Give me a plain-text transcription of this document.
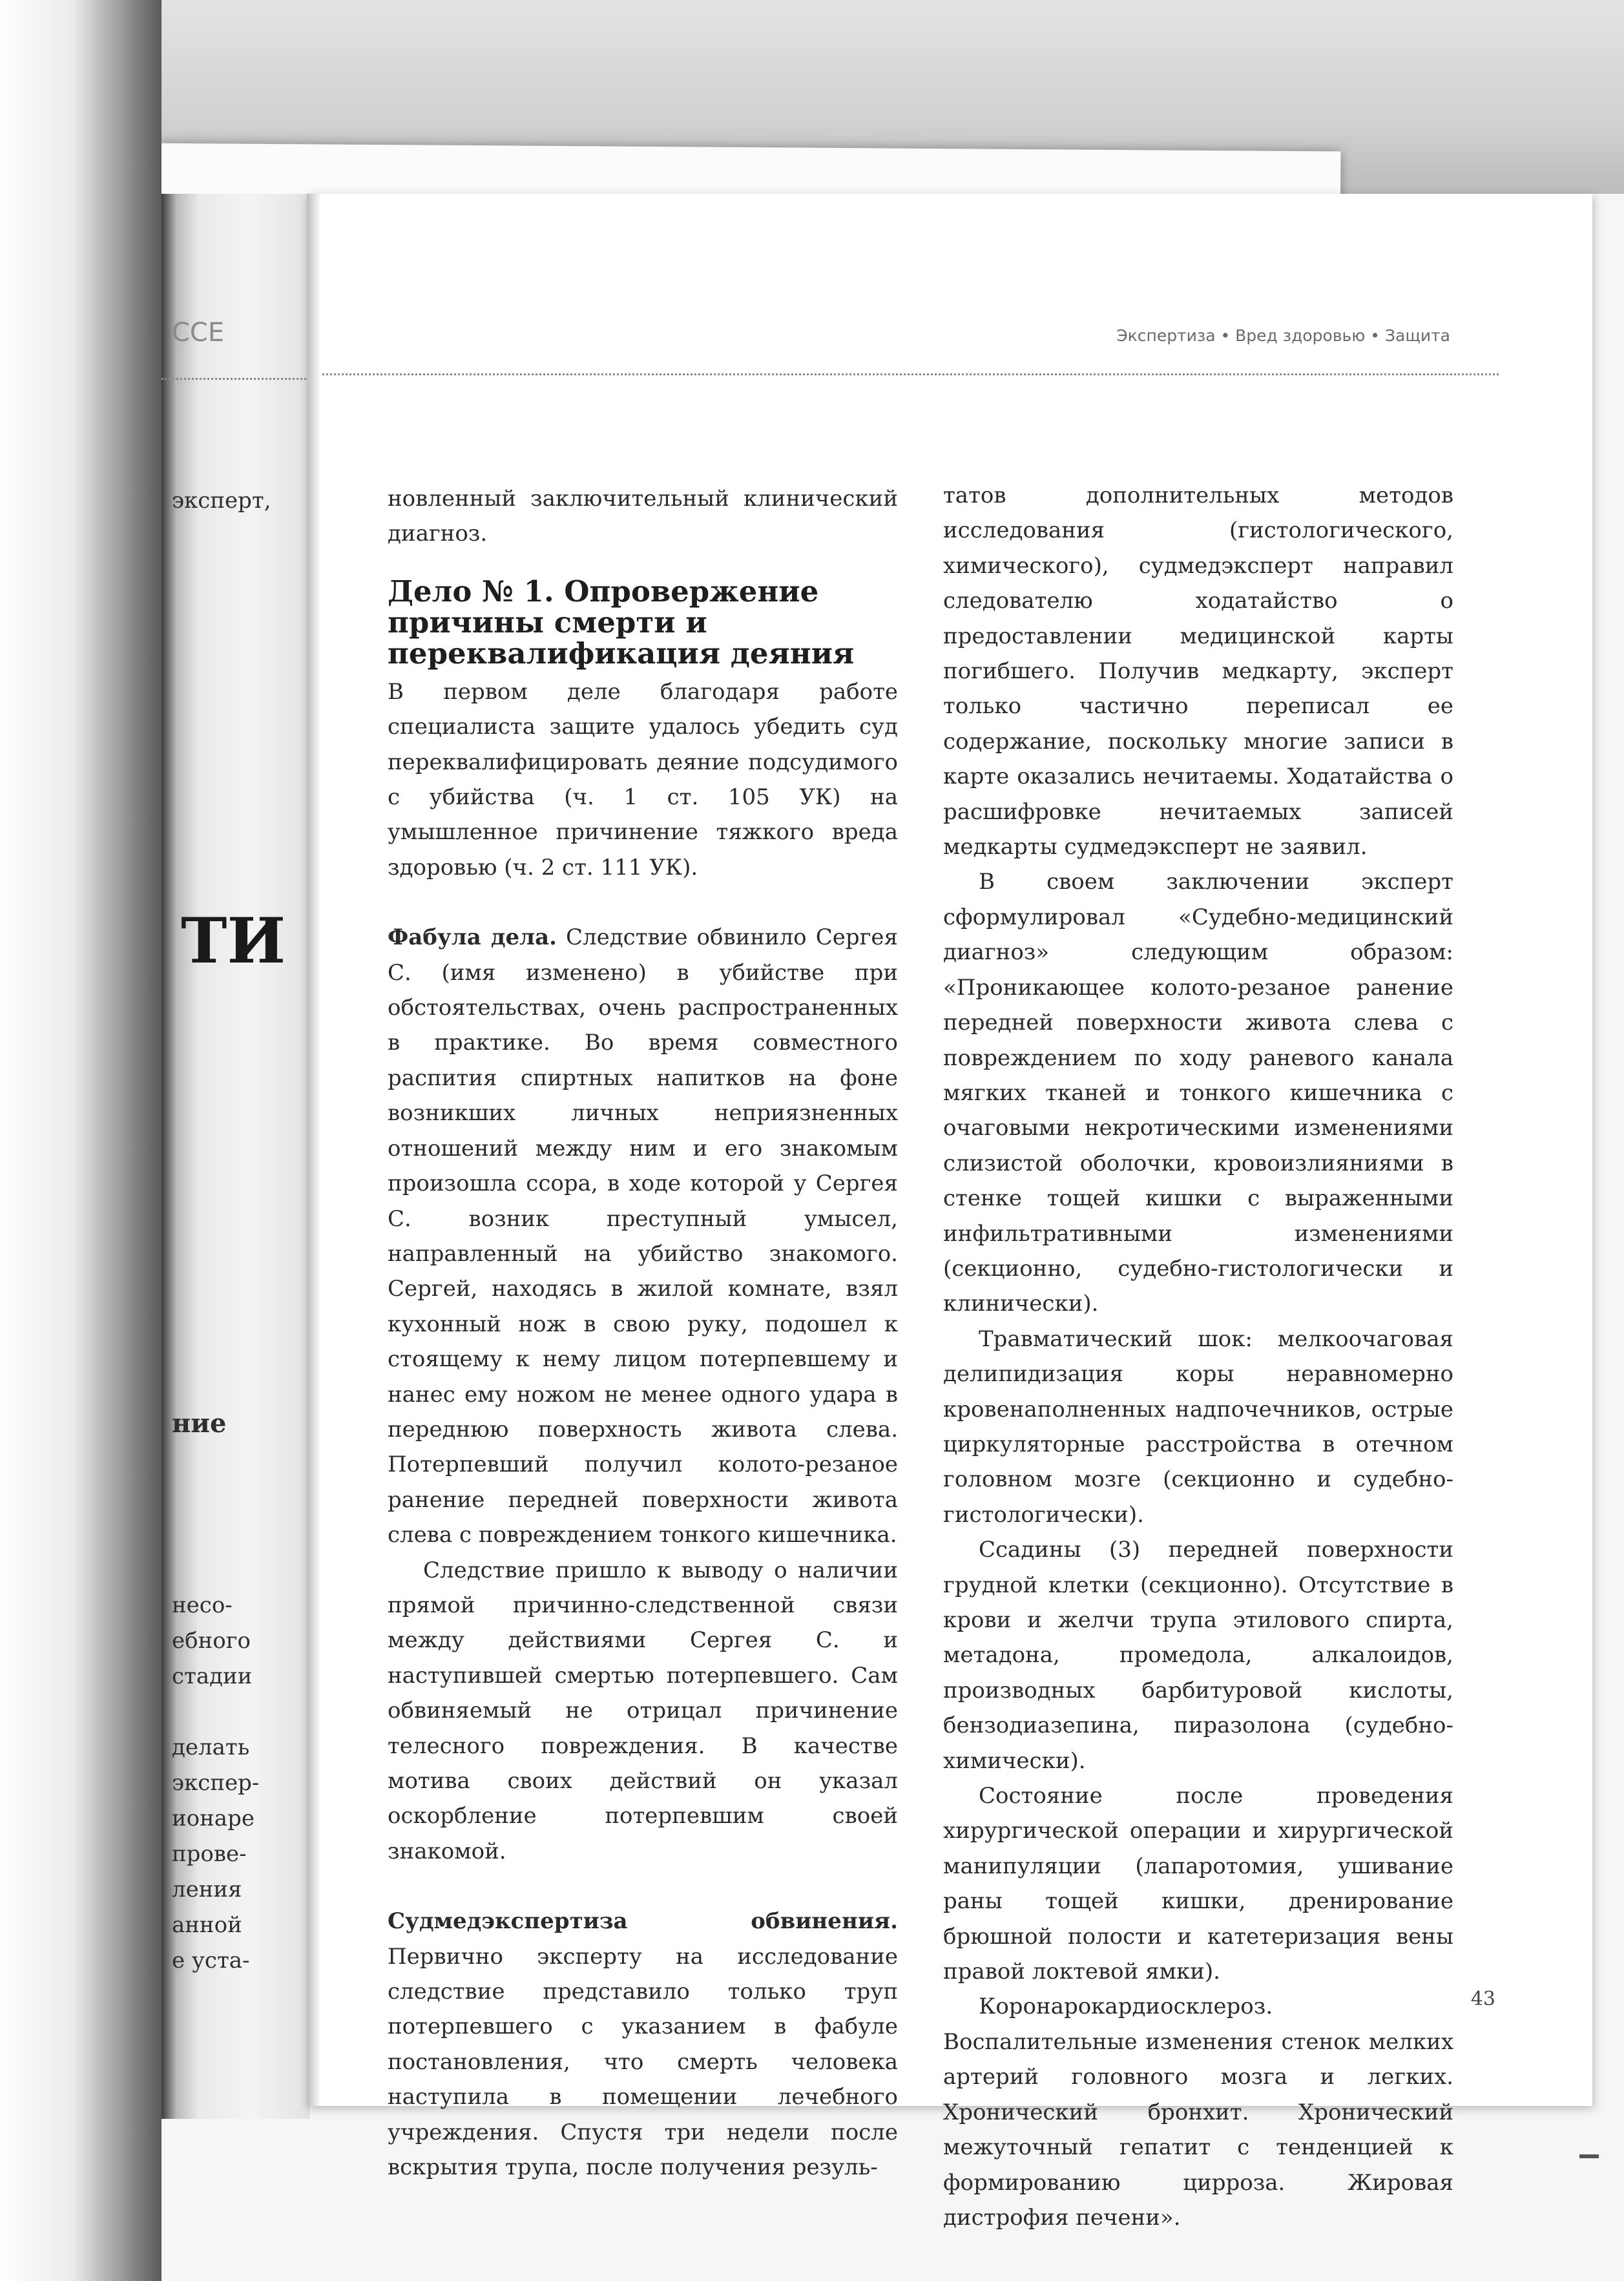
ССЕ
эксперт,
ТИ
ние
несо-
ебного
стадии
делать
экспер-
ионаре
прове-
ления
анной
е уста-
Экспертиза • Вред здоровью • Защита

новленный заключительный клинический диагноз.

Дело № 1. Опровержение причины смерти и переквалификация деяния

В первом деле благодаря работе специалиста защите удалось убедить суд переквалифицировать деяние подсудимого с убийства (ч. 1 ст. 105 УК) на умышленное причинение тяжкого вреда здоровью (ч. 2 ст. 111 УК).

Фабула дела. Следствие обвинило Сергея С. (имя изменено) в убийстве при обстоятельствах, очень распространенных в практике. Во время совместного распития спиртных напитков на фоне возникших личных неприязненных отношений между ним и его знакомым произошла ссора, в ходе которой у Сергея С. возник преступный умысел, направленный на убийство знакомого. Сергей, находясь в жилой комнате, взял кухонный нож в свою руку, подошел к стоящему к нему лицом потерпевшему и нанес ему ножом не менее одного удара в переднюю поверхность живота слева. Потерпевший получил колото-резаное ранение передней поверхности живота слева с повреждением тонкого кишечника.

Следствие пришло к выводу о наличии прямой причинно-следственной связи между действиями Сергея С. и наступившей смертью потерпевшего. Сам обвиняемый не отрицал причинение телесного повреждения. В качестве мотива своих действий он указал оскорбление потерпевшим своей знакомой.

Судмедэкспертиза обвинения. Первично эксперту на исследование следствие представило только труп потерпевшего с указанием в фабуле постановления, что смерть человека наступила в помещении лечебного учреждения. Спустя три недели после вскрытия трупа, после получения резуль-

татов дополнительных методов исследования (гистологического, химического), судмедэксперт направил следователю ходатайство о предоставлении медицинской карты погибшего. Получив медкарту, эксперт только частично переписал ее содержание, поскольку многие записи в карте оказались нечитаемы. Ходатайства о расшифровке нечитаемых записей медкарты судмедэксперт не заявил.

В своем заключении эксперт сформулировал «Судебно-медицинский диагноз» следующим образом: «Проникающее колото-резаное ранение передней поверхности живота слева с повреждением по ходу раневого канала мягких тканей и тонкого кишечника с очаговыми некротическими изменениями слизистой оболочки, кровоизлияниями в стенке тощей кишки с выраженными инфильтративными изменениями (секционно, судебно-гистологически и клинически).

Травматический шок: мелкоочаговая делипидизация коры неравномерно кровенаполненных надпочечников, острые циркуляторные расстройства в отечном головном мозге (секционно и судебно-гистологически).

Ссадины (3) передней поверхности грудной клетки (секционно). Отсутствие в крови и желчи трупа этилового спирта, метадона, промедола, алкалоидов, производных барбитуровой кислоты, бензодиазепина, пиразолона (судебно-химически).

Состояние после проведения хирургической операции и хирургической манипуляции (лапаротомия, ушивание раны тощей кишки, дренирование брюшной полости и катетеризация вены правой локтевой ямки).

Коронарокардиосклероз. Воспалительные изменения стенок мелких артерий головного мозга и легких. Хронический бронхит. Хронический межуточный гепатит с тенденцией к формированию цирроза. Жировая дистрофия печени».

43
